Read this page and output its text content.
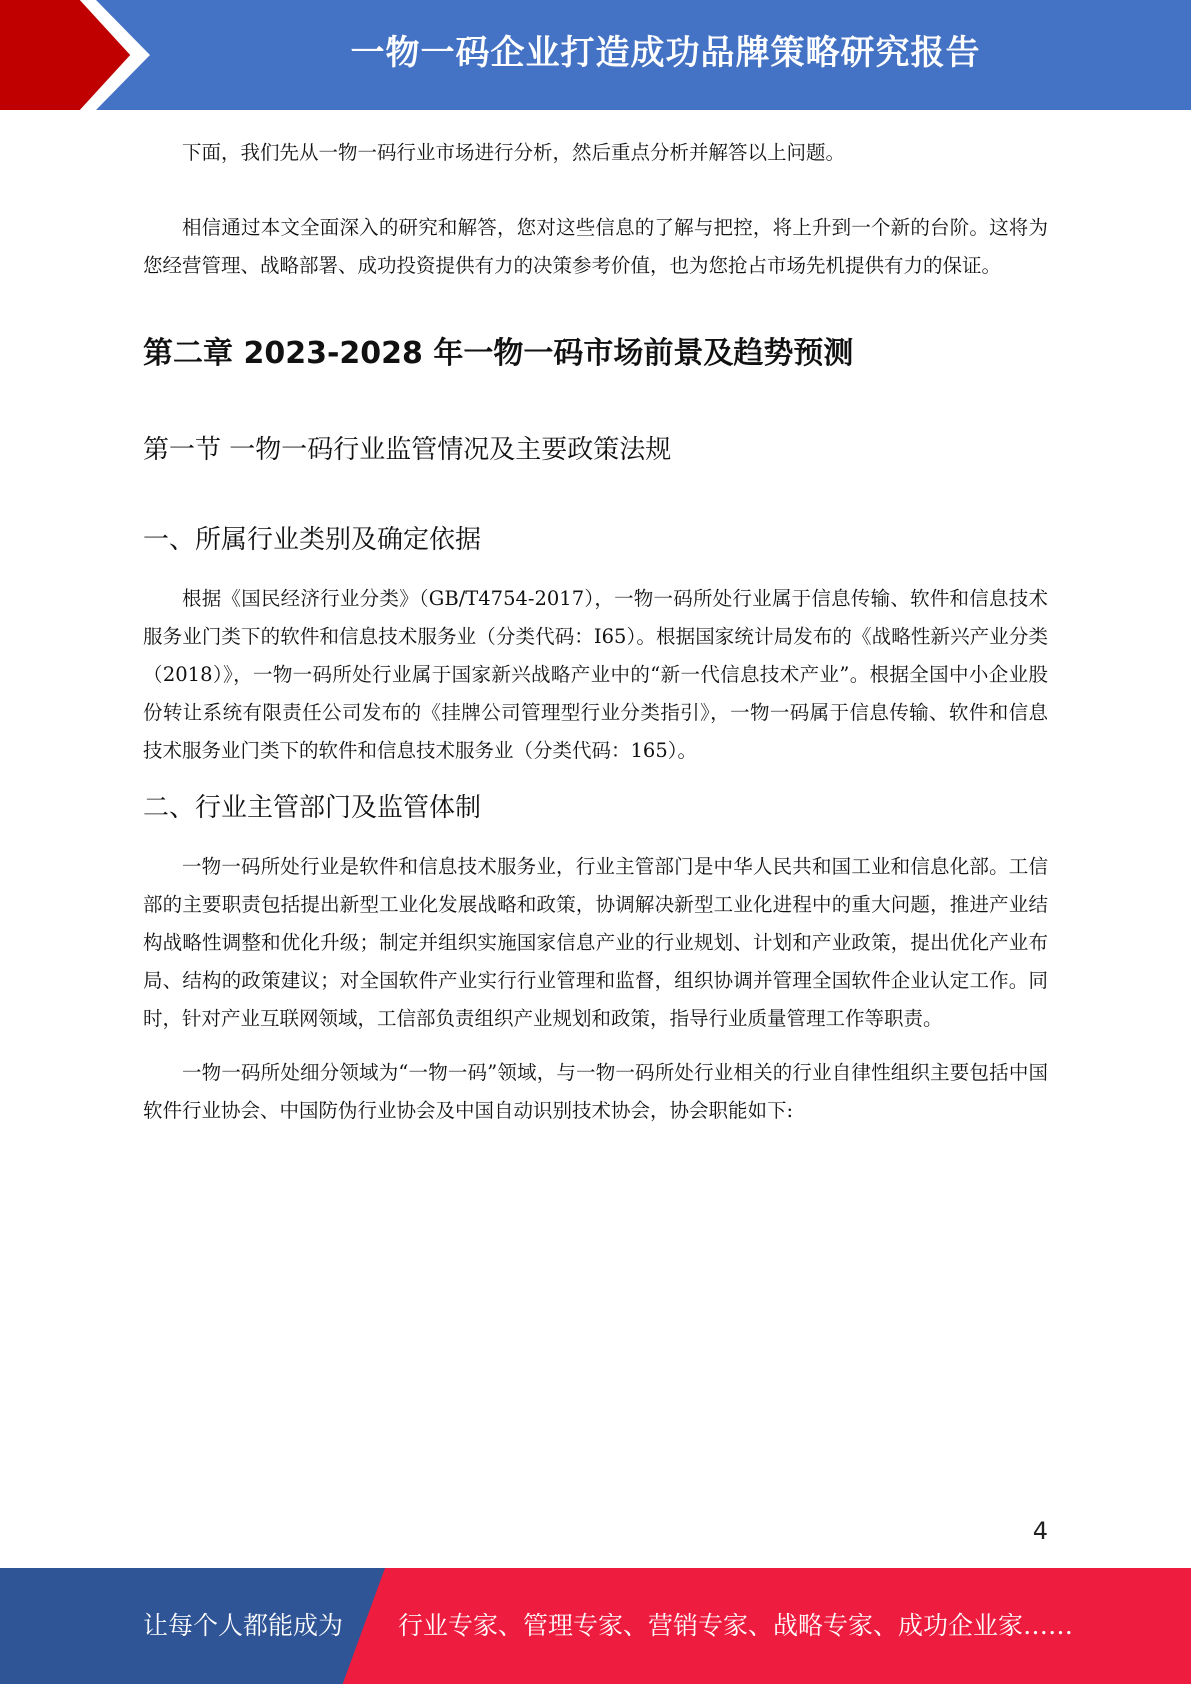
一物一码企业打造成功品牌策略研究报告

下面，我们先从一物一码行业市场进行分析，然后重点分析并解答以上问题。

相信通过本文全面深入的研究和解答，您对这些信息的了解与把控，将上升到一个新的台阶。这将为您经营管理、战略部署、成功投资提供有力的决策参考价值，也为您抢占市场先机提供有力的保证。

第二章 2023-2028 年一物一码市场前景及趋势预测
第一节 一物一码行业监管情况及主要政策法规
一、所属行业类别及确定依据

根据《国民经济行业分类》（GB/T4754-2017），一物一码所处行业属于信息传输、软件和信息技术服务业门类下的软件和信息技术服务业（分类代码：I65）。根据国家统计局发布的《战略性新兴产业分类（2018）》，一物一码所处行业属于国家新兴战略产业中的“新一代信息技术产业”。根据全国中小企业股份转让系统有限责任公司发布的《挂牌公司管理型行业分类指引》，一物一码属于信息传输、软件和信息技术服务业门类下的软件和信息技术服务业（分类代码：165）。

二、行业主管部门及监管体制

一物一码所处行业是软件和信息技术服务业，行业主管部门是中华人民共和国工业和信息化部。工信部的主要职责包括提出新型工业化发展战略和政策，协调解决新型工业化进程中的重大问题，推进产业结构战略性调整和优化升级；制定并组织实施国家信息产业的行业规划、计划和产业政策，提出优化产业布局、结构的政策建议；对全国软件产业实行行业管理和监督，组织协调并管理全国软件企业认定工作。同时，针对产业互联网领域，工信部负责组织产业规划和政策，指导行业质量管理工作等职责。

一物一码所处细分领域为“一物一码”领域，与一物一码所处行业相关的行业自律性组织主要包括中国软件行业协会、中国防伪行业协会及中国自动识别技术协会，协会职能如下:

4
让每个人都能成为 行业专家、管理专家、营销专家、战略专家、成功企业家……
